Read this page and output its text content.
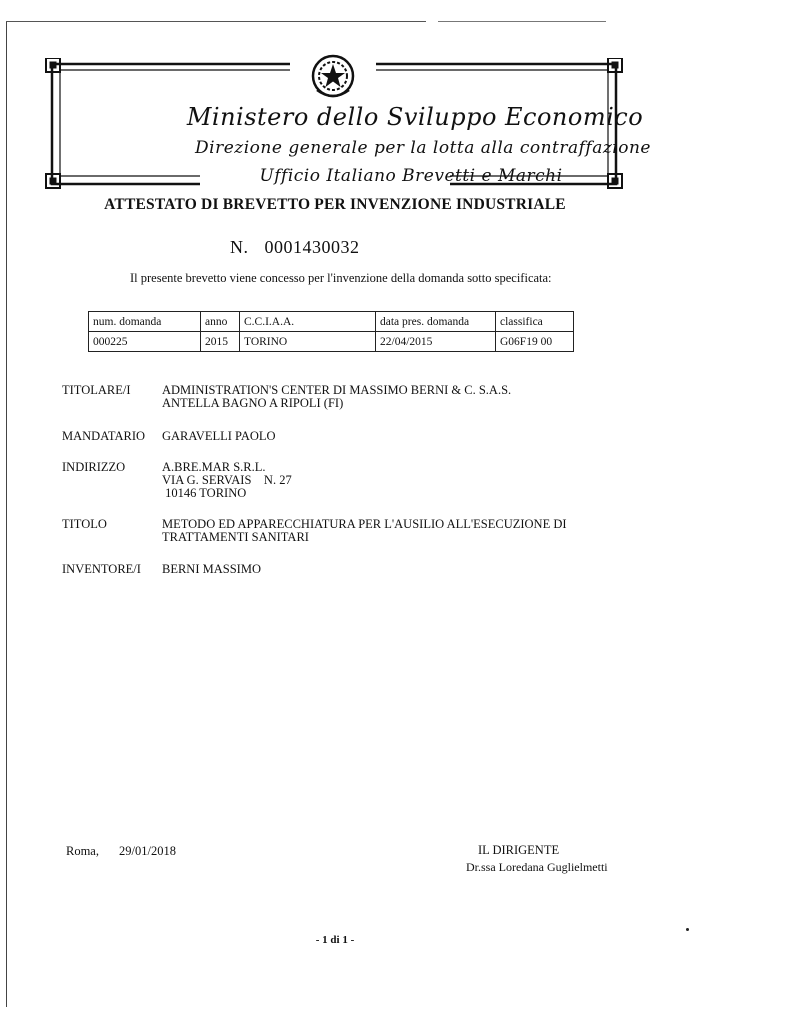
Ministero dello Sviluppo Economico
Direzione generale per la lotta alla contraffazione
Ufficio Italiano Brevetti e Marchi
ATTESTATO DI BREVETTO PER INVENZIONE INDUSTRIALE
N. 0001430032
Il presente brevetto viene concesso per l'invenzione della domanda sotto specificata:
num. domanda	anno	C.C.I.A.A.	data pres. domanda	classifica
000225	2015	TORINO	22/04/2015	G06F19 00
TITOLARE/I	ADMINISTRATION'S CENTER DI MASSIMO BERNI & C. S.A.S.
ANTELLA BAGNO A RIPOLI (FI)
MANDATARIO GARAVELLI PAOLO
INDIRIZZO	A.BRE.MAR S.R.L.
VIA G. SERVAIS    N. 27
10146 TORINO
TITOLO	METODO ED APPARECCHIATURA PER L'AUSILIO ALL'ESECUZIONE DI
TRATTAMENTI SANITARI
INVENTORE/I BERNI MASSIMO
Roma, 29/01/2018	IL DIRIGENTE
Dr.ssa Loredana Guglielmetti
- 1 di 1 -
